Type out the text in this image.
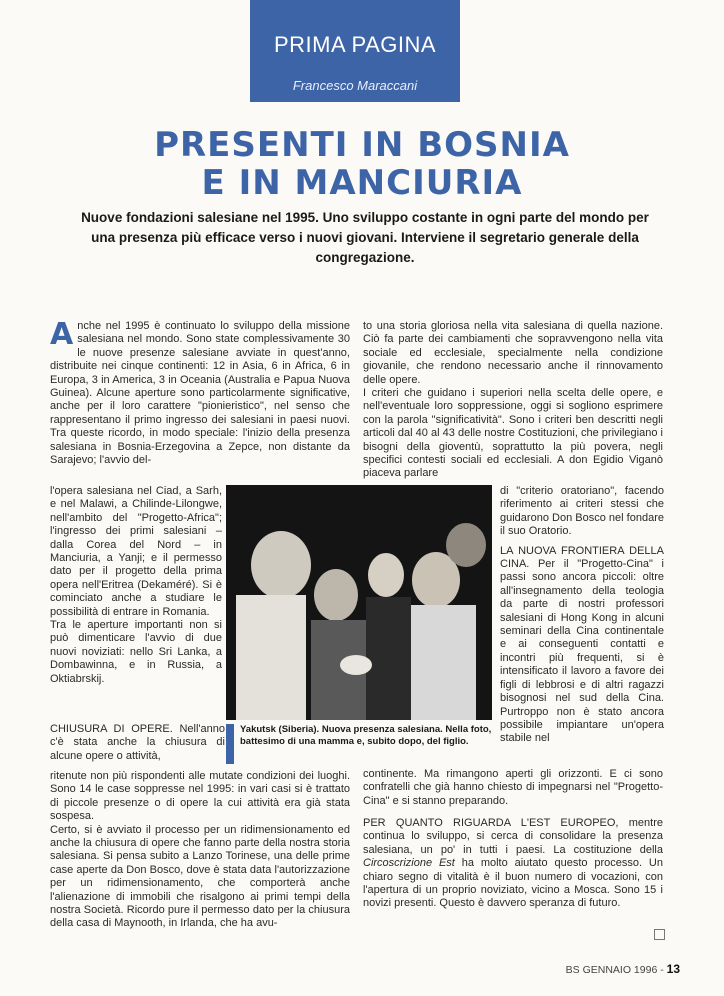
PRIMA PAGINA
Francesco Maraccani
PRESENTI IN BOSNIA
E IN MANCIURIA
Nuove fondazioni salesiane nel 1995. Uno sviluppo costante in ogni parte del mondo per una presenza più efficace verso i nuovi giovani. Interviene il segretario generale della congregazione.

Anche nel 1995 è continuato lo sviluppo della missione salesiana nel mondo. Sono state complessivamente 30 le nuove presenze salesiane avviate in quest'anno, distribuite nei cinque continenti: 12 in Asia, 6 in Africa, 6 in Europa, 3 in America, 3 in Oceania (Australia e Papua Nuova Guinea). Alcune aperture sono particolarmente significative, anche per il loro carattere "pionieristico", nel senso che rappresentano il primo ingresso dei salesiani in paesi nuovi. Tra queste ricordo, in modo speciale: l'inizio della presenza salesiana in Bosnia-Erzegovina a Zepce, non distante da Sarajevo; l'avvio del-

l'opera salesiana nel Ciad, a Sarh, e nel Malawi, a Chilinde-Lilongwe, nell'ambito del "Progetto-Africa"; l'ingresso dei primi salesiani – dalla Corea del Nord – in Manciuria, a Yanji; e il permesso dato per il progetto della prima opera nell'Eritrea (Dekaméré). Si è cominciato anche a studiare le possibilità di entrare in Romania.

Tra le aperture importanti non si può dimenticare l'avvio di due nuovi noviziati: nello Sri Lanka, a Dombawinna, e in Russia, a Oktiabrskij.

CHIUSURA DI OPERE. Nell'anno c'è stata anche la chiusura di alcune opere o attività,

ritenute non più rispondenti alle mutate condizioni dei luoghi. Sono 14 le case soppresse nel 1995: in vari casi si è trattato di piccole presenze o di opere la cui attività era già stata sospesa.

Certo, si è avviato il processo per un ridimensionamento ed anche la chiusura di opere che fanno parte della nostra storia salesiana. Si pensa subito a Lanzo Torinese, una delle prime case aperte da Don Bosco, dove è stata data l'autorizzazione per un ridimensionamento, che comporterà anche l'alienazione di immobili che risalgono ai primi tempi della nostra Società. Ricordo pure il permesso dato per la chiusura della casa di Maynooth, in Irlanda, che ha avu-

to una storia gloriosa nella vita salesiana di quella nazione. Ciò fa parte dei cambiamenti che sopravvengono nella vita sociale ed ecclesiale, specialmente nella condizione giovanile, che rendono necessario anche il rinnovamento delle opere.

I criteri che guidano i superiori nella scelta delle opere, e nell'eventuale loro soppressione, oggi si sogliono esprimere con la parola "significatività". Sono i criteri ben descritti negli articoli dal 40 al 43 delle nostre Costituzioni, che privilegiano i bisogni della gioventù, soprattutto la più povera, negli specifici contesti sociali ed ecclesiali. A don Egidio Viganò piaceva parlare

di "criterio oratoriano", facendo riferimento ai criteri stessi che guidarono Don Bosco nel fondare il suo Oratorio.

LA NUOVA FRONTIERA DELLA CINA. Per il "Progetto-Cina" i passi sono ancora piccoli: oltre all'insegnamento della teologia da parte di nostri professori salesiani di Hong Kong in alcuni seminari della Cina continentale e ai conseguenti contatti e incontri più frequenti, si è intensificato il lavoro a favore dei figli di lebbrosi e di altri ragazzi bisognosi nel sud della Cina. Purtroppo non è stato ancora possibile impiantare un'opera stabile nel

continente. Ma rimangono aperti gli orizzonti. E ci sono confratelli che già hanno chiesto di impegnarsi nel "Progetto-Cina" e si stanno preparando.

PER QUANTO RIGUARDA L'EST EUROPEO, mentre continua lo sviluppo, si cerca di consolidare la presenza salesiana, un po' in tutti i paesi. La costituzione della Circoscrizione Est ha molto aiutato questo processo. Un chiaro segno di vitalità è il buon numero di vocazioni, con l'apertura di un proprio noviziato, vicino a Mosca. Sono 15 i novizi presenti. Questo è davvero speranza di futuro.

Yakutsk (Siberia). Nuova presenza salesiana. Nella foto, battesimo di una mamma e, subito dopo, del figlio.
BS GENNAIO 1996 - 13
